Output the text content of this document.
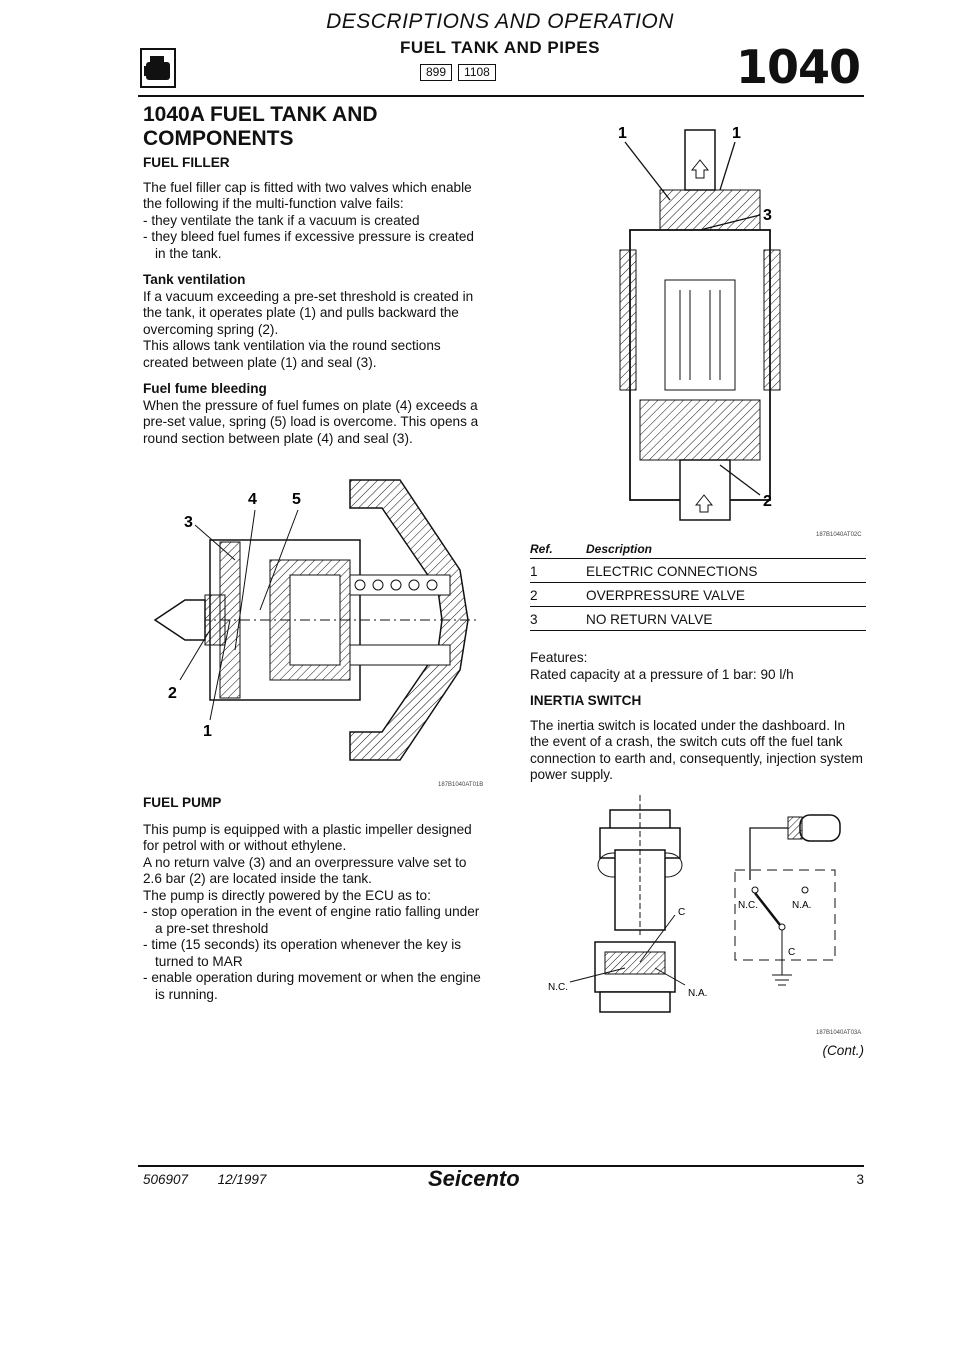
DESCRIPTIONS AND OPERATION
FUEL TANK AND PIPES
899	1108	1040
1040A FUEL TANK AND COMPONENTS

FUEL FILLER

The fuel filler cap is fitted with two valves which enable the following if the multi-function valve fails:

- they ventilate the tank if a vacuum is created

- they bleed fuel fumes if excessive pressure is created in the tank.

Tank ventilation

If a vacuum exceeding a pre-set threshold is created in the tank, it operates plate (1) and pulls backward the overcoming spring (2).

This allows tank ventilation via the round sections created between plate (1) and seal (3).

Fuel fume bleeding

When the pressure of fuel fumes on plate (4) exceeds a pre-set value, spring (5) load is overcome. This opens a round section between plate (4) and seal (3).

4 5
3
2
1
187B1040AT01B

FUEL PUMP

This pump is equipped with a plastic impeller designed for petrol with or without ethylene.

A no return valve (3) and an overpressure valve set to 2.6 bar (2) are located inside the tank.

The pump is directly powered by the ECU as to:

- stop operation in the event of engine ratio falling under a pre-set threshold

- time (15 seconds) its operation whenever the key is turned to MAR

- enable operation during movement or when the engine is running.

1	1
3
2
187B1040AT02C
Ref.	Description
1	ELECTRIC CONNECTIONS
2	OVERPRESSURE VALVE
3	NO RETURN VALVE

Features:

Rated capacity at a pressure of 1 bar: 90 l/h

INERTIA SWITCH

The inertia switch is located under the dashboard. In the event of a crash, the switch cuts off the fuel tank connection to earth and, consequently, injection system power supply.

C
N.C.
N.A.
N.C.	N.A.
C
187B1040AT03A
(Cont.)
506907 12/1997	Seicento	3
